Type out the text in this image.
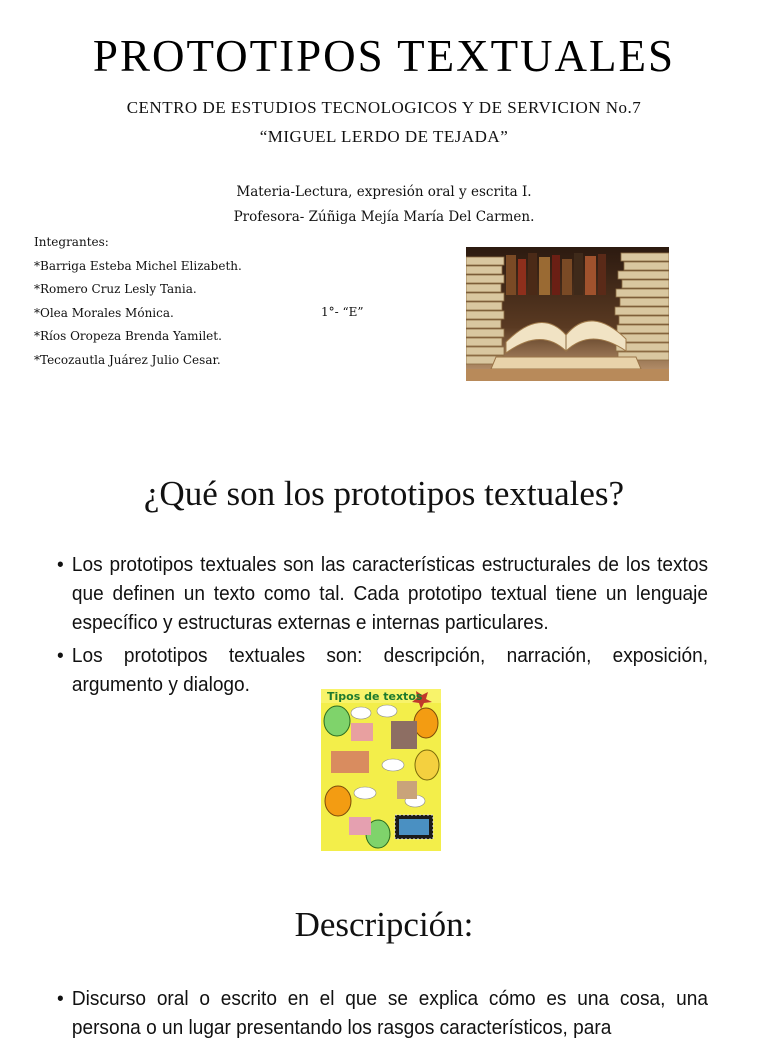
PROTOTIPOS TEXTUALES
CENTRO DE ESTUDIOS TECNOLOGICOS Y DE SERVICION No.7
“MIGUEL LERDO DE TEJADA”
Materia-Lectura, expresión oral y escrita I.
Profesora- Zúñiga Mejía María Del Carmen.
Integrantes:
*Barriga Esteba Michel Elizabeth.
*Romero Cruz Lesly Tania.
*Olea Morales Mónica.
*Ríos Oropeza Brenda Yamilet.
*Tecozautla Juárez Julio Cesar.
1°- “E”
¿Qué son los prototipos textuales?
• Los prototipos textuales son las características estructurales de los textos que definen un texto como tal. Cada prototipo textual tiene un lenguaje específico y estructuras externas e internas particulares.
• Los prototipos textuales son: descripción, narración, exposición, argumento y dialogo.
Tipos de textos
Descripción:
• Discurso oral o escrito en el que se explica cómo es una cosa, una persona o un lugar presentando los rasgos característicos, para
